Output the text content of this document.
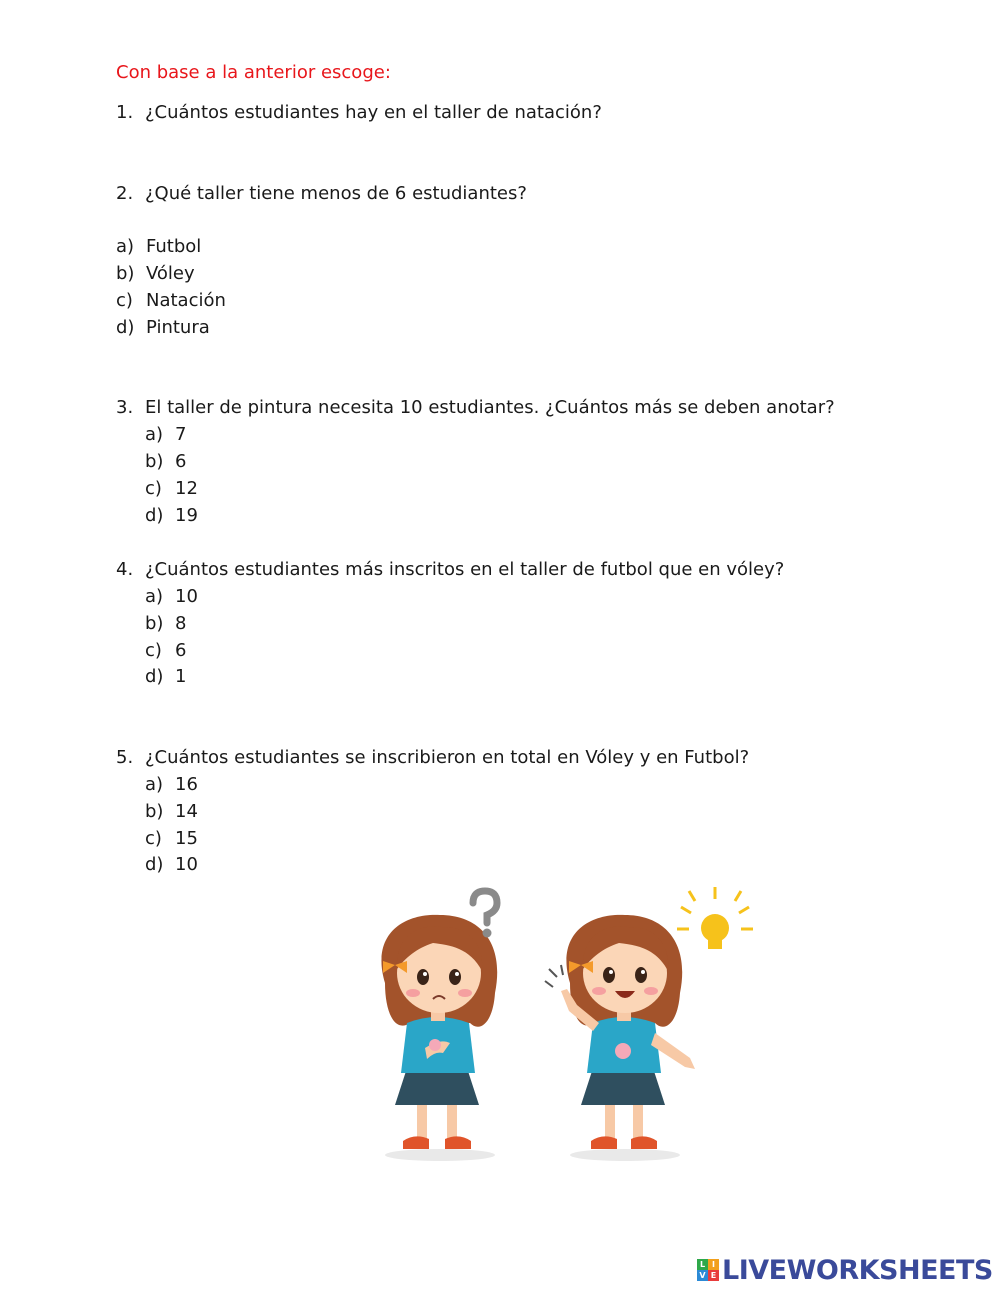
Con base a la anterior escoge:
1. ¿Cuántos estudiantes hay en el taller de natación?
2. ¿Qué taller tiene menos de 6 estudiantes?
a) Futbol
b) Vóley
c) Natación
d) Pintura
3. El taller de pintura necesita 10 estudiantes. ¿Cuántos más se deben anotar?
a) 7
b) 6
c) 12
d) 19
4. ¿Cuántos estudiantes más inscritos en el taller de futbol que en vóley?
a) 10
b) 8
c) 6
d) 1
5. ¿Cuántos estudiantes se inscribieron en total en Vóley y en Futbol?
a) 16
b) 14
c) 15
d) 10
L I
V E LIVEWORKSHEETS
